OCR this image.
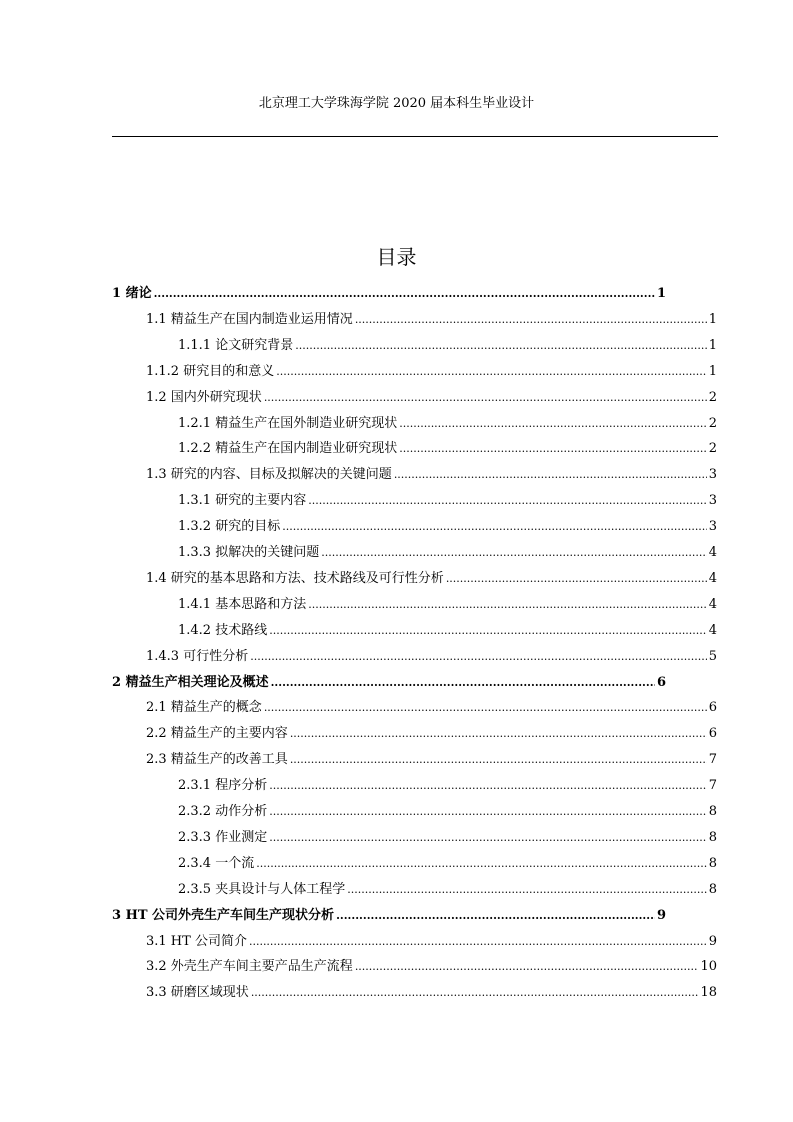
北京理工大学珠海学院 2020 届本科生毕业设计
目录
1 绪论 .....	1
1.1 精益生产在国内制造业运用情况 .....	1
1.1.1 论文研究背景 .....	1
1.1.2 研究目的和意义 .....	1
1.2 国内外研究现状 .....	2
1.2.1 精益生产在国外制造业研究现状 .....	2
1.2.2 精益生产在国内制造业研究现状 .....	2
1.3 研究的内容、目标及拟解决的关键问题 .....	3
1.3.1 研究的主要内容 .....	3
1.3.2 研究的目标 .....	3
1.3.3 拟解决的关键问题 .....	4
1.4 研究的基本思路和方法、技术路线及可行性分析 .....	4
1.4.1 基本思路和方法 .....	4
1.4.2 技术路线 .....	4
1.4.3 可行性分析 .....	5
2 精益生产相关理论及概述 .....	6
2.1 精益生产的概念 .....	6
2.2 精益生产的主要内容 .....	6
2.3 精益生产的改善工具 .....	7
2.3.1 程序分析 .....	7
2.3.2 动作分析 .....	8
2.3.3 作业测定 .....	8
2.3.4 一个流 .....	8
2.3.5 夹具设计与人体工程学 .....	8
3 HT 公司外壳生产车间生产现状分析 .....	9
3.1 HT 公司简介 .....	9
3.2 外壳生产车间主要产品生产流程 .....	10
3.3 研磨区域现状 .....	18
